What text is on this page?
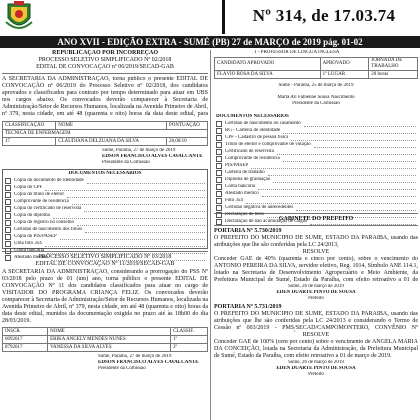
Nº 314, de 17.03.74
ANO XVII - EDIÇÃO EXTRA - SUMÉ (PB) 27 de MARÇO de 2019 pág. 01-02
REPUBLICAÇÃO POR INCORREÇÃO
PROCESSO SELETIVO SIMPLIFICADO Nº 02/2018
EDITAL DE CONVOCAÇÃO nº 06/2019/SECAD-GAB
A SECRETARIA DA ADMINISTRAÇÃO, torna público o presente EDITAL DE CONVOCAÇÃO nº 06/2019 do Processo Seletivo nº 02/2018, dos candidatos aprovados e classificados para contrato por tempo determinado para atuar em UBS nos cargos abaixo. Os convocados deverão comparecer à Secretaria de Administração/Setor de Recursos Humanos, localizada na Avenida Primeiro de Abril, nº 379, nesta cidade, em até 48 (quarenta e oito) horas da data deste edital, para
CLASSIFICAÇÃO	NOME	PONTUAÇÃO
TÉCNICA DE ENFERMAGEM		
17	CLAUDIANA DELZUANA DA SILVA	28,00/10
Sumé, Paraíba, 27 de março de 2019
EDSON FRANCISCO ALVES CAVALCANTE
Presidente da Comissão
DOCUMENTOS NECESSÁRIOS
Cópia do documento de identidade
Cópia do CPF
Cópia do título de eleitor
Comprovante de residência
Cópia do certificado de reservista
Cópia do diploma
Cópia do registro no conselho
Certidão de nascimento dos filhos
Cópia do PIS/PASEP
Uma foto 3x4
Conta bancária
Atestado médico
PROCESSO SELETIVO SIMPLIFICADO Nº 03/2018
EDITAL DE CONVOCAÇÃO Nº 11/2019/SECAD-GAB
A SECRETARIA DA ADMINISTRAÇÃO, considerando a prorrogação do PSS Nº 03/2018 pelo prazo de 01 (um) ano, torna público o presente EDITAL DE CONVOCAÇÃO Nº 11 dos candidatos classificados para atuar no cargo de VISITADOR DO PROGRAMA CRIANÇA FELIZ. Os convocados deverão comparecer à Secretaria de Administração/Setor de Recursos Humanos, localizada na Avenida Primeiro de Abril, nº 379, nesta cidade, em até 48 (quarenta e oito) horas da data deste edital, munidos da documentação exigida no prazo até às 18h00 do dia 28/03/2019.
INSCR.	NOME	CLASSIF.
0092017	ERIKA ANGELY MENDES NUNES	1º
8792017	VANESSA DA SILVA ALVES	2º
Sumé, Paraíba, 27 de março de 2019
EDSON FRANCISCO ALVES CAVALCANTE
Presidente da Comissão
1 - PROFESSOR DE LÍNGUA INGLESA
CANDIDATO APROVADO	APROVADO	JORNADA DE TRABALHO
FLÁVIO ROSA DA SILVA	1º LUGAR	20 horas
Sumé - Paraíba, 25 de março de 2019
Marta Ali Fabienne Sousa Nascimento
Presidente da Comissão
DOCUMENTOS NECESSÁRIOS
Certidão de nascimento ou casamento
RG - Carteira de identidade
CPF - Cadastro de pessoa física
Título de eleitor e comprovante de votação
Certificado de reservista
Comprovante de residência
PIS/PASEP
Carteira de trabalho
Diploma de graduação
Conta bancária
Atestado médico
Foto 3x4
Certidão negativa de antecedentes
Declaração de bens
Declaração de não acumulação de cargos
GABINETE DO PREFEITO
PORTARIA Nº 5.730/2019
O PREFEITO DO MUNICÍPIO DE SUMÉ, ESTADO DA PARAÍBA, usando das atribuições que lhe são conferidas pela LC 24/2013,
RESOLVE
Conceder GAE de 40% (quarenta e cinco por cento), sobre o vencimento do ANTONIO PEREIRA DA SILVA, servidor efetivo, Reg. 1014, Símbolo ANE 114.1, lotado na Secretaria de Desenvolvimento Agropecuário e Meio Ambiente, da Prefeitura Municipal de Sumé, Estado da Paraíba, com efeito retroativo a 01 de
Sumé, 26 de março de 2019
ÉDEN DUARTE PINTO DE SOUSA
Prefeito
PORTARIA Nº 5.731/2019
O PREFEITO DO MUNICÍPIO DE SUMÉ, ESTADO DA PARAÍBA, usando das atribuições que lhe são conferidas pela LC 24/2013 e considerando o Termo de Cessão nº 003/2019 - PMS/SECAD/CAMPOMONTERO, CONVÊNIO Nº
RESOLVE
Conceder GAE de 100% (cem por cento) sobre o vencimento de ANGELA MARIA DA CONCEIÇÃO, lotada na Secretaria da Administração, da Prefeitura Municipal de Sumé, Estado da Paraíba, com efeito retroativo a 01 de março de 2019.
Sumé, 26 de março de 2019
ÉDEN DUARTE PINTO DE SOUSA
Prefeito
